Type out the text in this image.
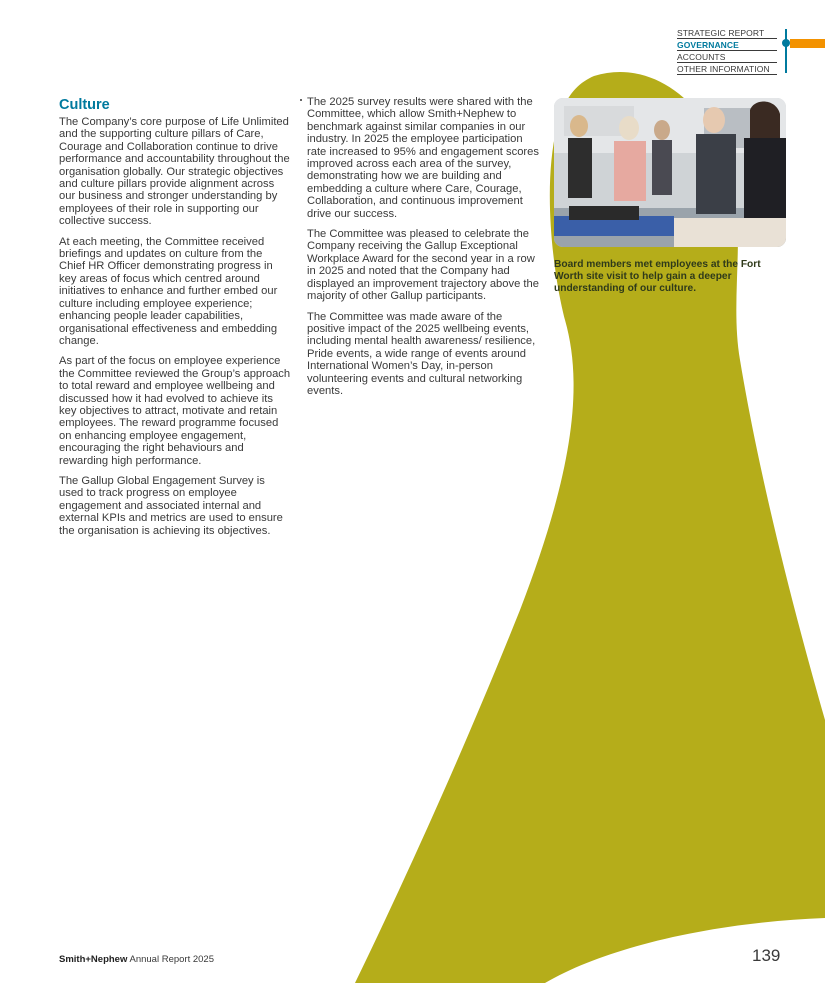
STRATEGIC REPORT
GOVERNANCE
ACCOUNTS
OTHER INFORMATION
Culture

The Company’s core purpose of Life Unlimited and the supporting culture pillars of Care, Courage and Collaboration continue to drive performance and accountability throughout the organisation globally. Our strategic objectives and culture pillars provide alignment across our business and stronger understanding by employees of their role in supporting our collective success.

At each meeting, the Committee received briefings and updates on culture from the Chief HR Officer demonstrating progress in key areas of focus which centred around initiatives to enhance and further embed our culture including employee experience; enhancing people leader capabilities, organisational effectiveness and embedding change.

As part of the focus on employee experience the Committee reviewed the Group’s approach to total reward and employee wellbeing and discussed how it had evolved to achieve its key objectives to attract, motivate and retain employees. The reward programme focused on enhancing employee engagement, encouraging the right behaviours and rewarding high performance.

The Gallup Global Engagement Survey is used to track progress on employee engagement and associated internal and external KPIs and metrics are used to ensure the organisation is achieving its objectives.

The 2025 survey results were shared with the Committee, which allow Smith+Nephew to benchmark against similar companies in our industry. In 2025 the employee participation rate increased to 95% and engagement scores improved across each area of the survey, demonstrating how we are building and embedding a culture where Care, Courage, Collaboration, and continuous improvement drive our success.

The Committee was pleased to celebrate the Company receiving the Gallup Exceptional Workplace Award for the second year in a row in 2025 and noted that the Company had displayed an improvement trajectory above the majority of other Gallup participants.

The Committee was made aware of the positive impact of the 2025 wellbeing events, including mental health awareness/ resilience, Pride events, a wide range of events around International Women’s Day, in-person volunteering events and cultural networking events.

Board members met employees at the Fort Worth site visit to help gain a deeper understanding of our culture.
Smith+Nephew Annual Report 2025	139
